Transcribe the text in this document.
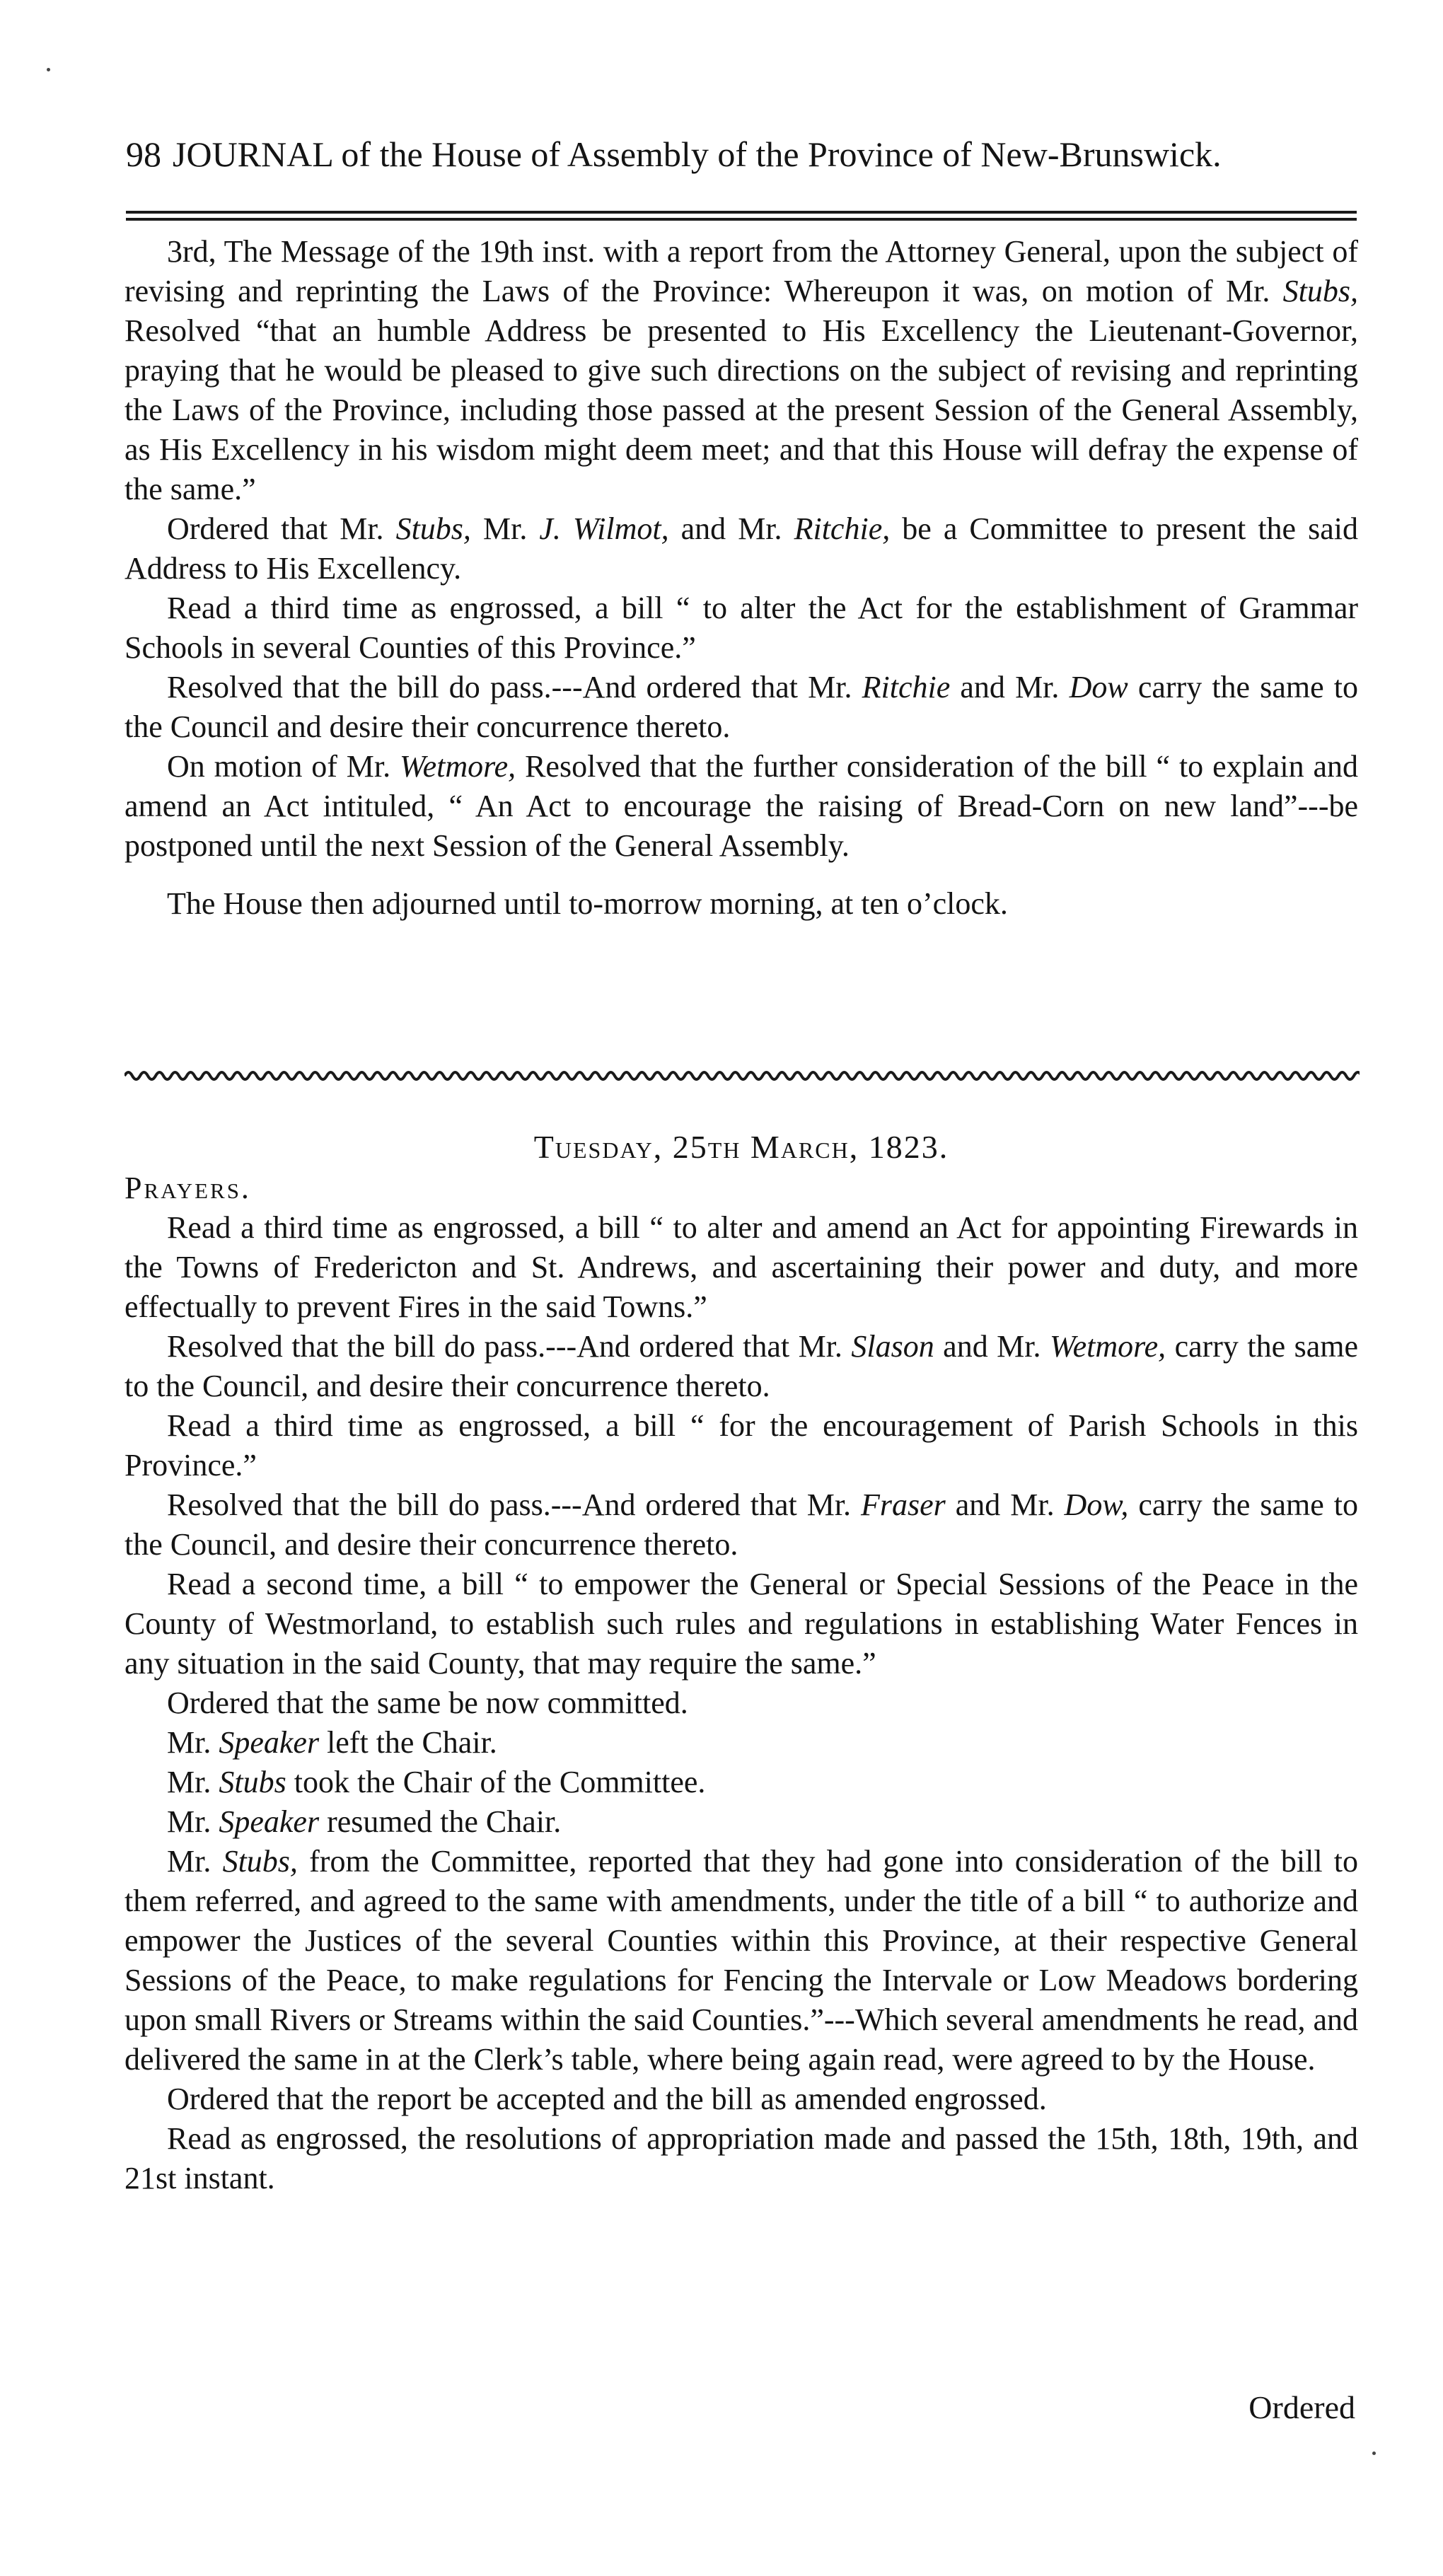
98 JOURNAL of the House of Assembly of the Province of New-Brunswick.

3rd, The Message of the 19th inst. with a report from the Attorney General, upon the subject of revising and reprinting the Laws of the Province: Whereupon it was, on motion of Mr. Stubs, Resolved “that an humble Address be presented to His Excellency the Lieutenant-Governor, praying that he would be pleased to give such directions on the subject of revising and reprinting the Laws of the Province, including those passed at the present Session of the General Assembly, as His Excellency in his wisdom might deem meet; and that this House will defray the expense of the same.”

Ordered that Mr. Stubs, Mr. J. Wilmot, and Mr. Ritchie, be a Committee to present the said Address to His Excellency.

Read a third time as engrossed, a bill “ to alter the Act for the establishment of Grammar Schools in several Counties of this Province.”

Resolved that the bill do pass.---And ordered that Mr. Ritchie and Mr. Dow carry the same to the Council and desire their concurrence thereto.

On motion of Mr. Wetmore, Resolved that the further consideration of the bill “ to explain and amend an Act intituled, “ An Act to encourage the raising of Bread-Corn on new land”---be postponed until the next Session of the General Assembly.

The House then adjourned until to-morrow morning, at ten o’clock.

Tuesday, 25th March, 1823.

Prayers.

Read a third time as engrossed, a bill “ to alter and amend an Act for appointing Firewards in the Towns of Fredericton and St. Andrews, and ascertaining their power and duty, and more effectually to prevent Fires in the said Towns.”

Resolved that the bill do pass.---And ordered that Mr. Slason and Mr. Wetmore, carry the same to the Council, and desire their concurrence thereto.

Read a third time as engrossed, a bill “ for the encouragement of Parish Schools in this Province.”

Resolved that the bill do pass.---And ordered that Mr. Fraser and Mr. Dow, carry the same to the Council, and desire their concurrence thereto.

Read a second time, a bill “ to empower the General or Special Sessions of the Peace in the County of Westmorland, to establish such rules and regulations in establishing Water Fences in any situation in the said County, that may require the same.”

Ordered that the same be now committed.

Mr. Speaker left the Chair.

Mr. Stubs took the Chair of the Committee.

Mr. Speaker resumed the Chair.

Mr. Stubs, from the Committee, reported that they had gone into consideration of the bill to them referred, and agreed to the same with amendments, under the title of a bill “ to authorize and empower the Justices of the several Counties within this Province, at their respective General Sessions of the Peace, to make regulations for Fencing the Intervale or Low Meadows bordering upon small Rivers or Streams within the said Counties.”---Which several amendments he read, and delivered the same in at the Clerk’s table, where being again read, were agreed to by the House.

Ordered that the report be accepted and the bill as amended engrossed.

Read as engrossed, the resolutions of appropriation made and passed the 15th, 18th, 19th, and 21st instant.

Ordered
